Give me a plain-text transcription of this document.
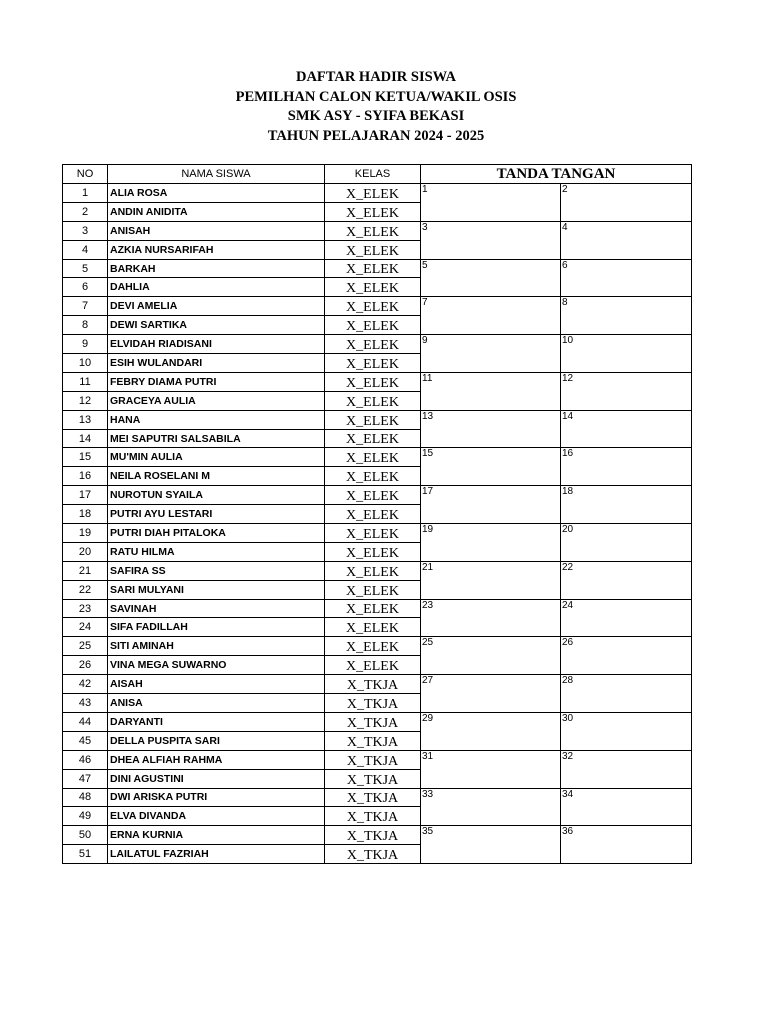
DAFTAR HADIR SISWA
PEMILHAN CALON KETUA/WAKIL OSIS
SMK ASY - SYIFA BEKASI
TAHUN PELAJARAN 2024 - 2025
NO	NAMA SISWA	KELAS	TANDA TANGAN	
1	ALIA ROSA	X_ELEK	1	2
2	ANDIN ANIDITA	X_ELEK		
3	ANISAH	X_ELEK	3	4
4	AZKIA NURSARIFAH	X_ELEK		
5	BARKAH	X_ELEK	5	6
6	DAHLIA	X_ELEK		
7	DEVI AMELIA	X_ELEK	7	8
8	DEWI SARTIKA	X_ELEK		
9	ELVIDAH RIADISANI	X_ELEK	9	10
10	ESIH WULANDARI	X_ELEK		
11	FEBRY DIAMA PUTRI	X_ELEK	11	12
12	GRACEYA AULIA	X_ELEK		
13	HANA	X_ELEK	13	14
14	MEI SAPUTRI SALSABILA	X_ELEK		
15	MU'MIN AULIA	X_ELEK	15	16
16	NEILA ROSELANI M	X_ELEK		
17	NUROTUN SYAILA	X_ELEK	17	18
18	PUTRI AYU LESTARI	X_ELEK		
19	PUTRI DIAH PITALOKA	X_ELEK	19	20
20	RATU HILMA	X_ELEK		
21	SAFIRA SS	X_ELEK	21	22
22	SARI MULYANI	X_ELEK		
23	SAVINAH	X_ELEK	23	24
24	SIFA FADILLAH	X_ELEK		
25	SITI AMINAH	X_ELEK	25	26
26	VINA MEGA SUWARNO	X_ELEK		
42	AISAH	X_TKJA	27	28
43	ANISA	X_TKJA		
44	DARYANTI	X_TKJA	29	30
45	DELLA PUSPITA SARI	X_TKJA		
46	DHEA ALFIAH RAHMA	X_TKJA	31	32
47	DINI AGUSTINI	X_TKJA		
48	DWI ARISKA PUTRI	X_TKJA	33	34
49	ELVA DIVANDA	X_TKJA		
50	ERNA KURNIA	X_TKJA	35	36
51	LAILATUL FAZRIAH	X_TKJA		
